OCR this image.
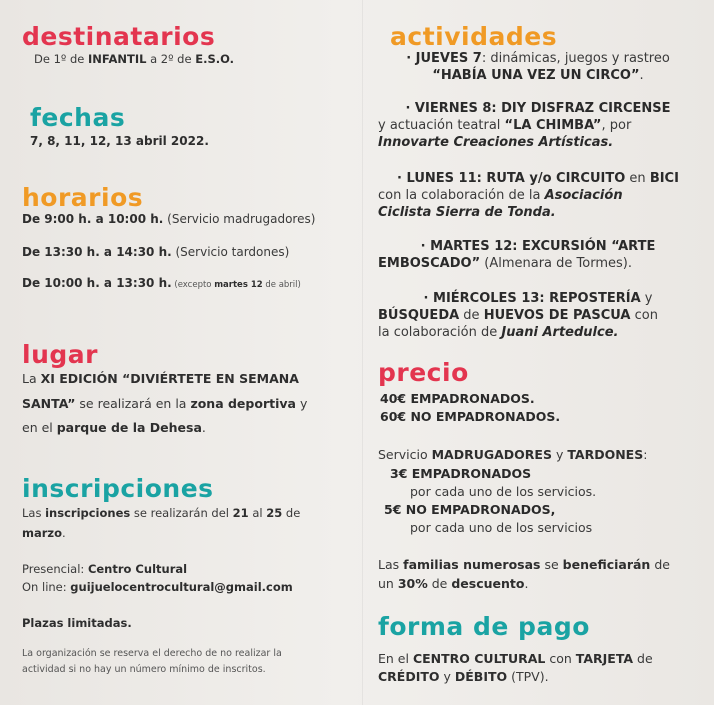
destinatarios
De 1º de INFANTIL a 2º de E.S.O.
fechas
7, 8, 11, 12, 13 abril 2022.
horarios
De 9:00 h. a 10:00 h. (Servicio madrugadores)
De 13:30 h. a 14:30 h. (Servicio tardones)
De 10:00 h. a 13:30 h. (excepto martes 12 de abril)
lugar
La XI EDICIÓN “DIVIÉRTETE EN SEMANA
SANTA” se realizará en la zona deportiva y
en el parque de la Dehesa.
inscripciones
Las inscripciones se realizarán del 21 al 25 de
marzo.
Presencial: Centro Cultural
On line: guijuelocentrocultural@gmail.com
Plazas limitadas.
La organización se reserva el derecho de no realizar la
actividad si no hay un número mínimo de inscritos.
actividades
· JUEVES 7: dinámicas, juegos y rastreo
“HABÍA UNA VEZ UN CIRCO”.
· VIERNES 8: DIY DISFRAZ CIRCENSE
y actuación teatral “LA CHIMBA”, por
Innovarte Creaciones Artísticas.
· LUNES 11: RUTA y/o CIRCUITO en BICI
con la colaboración de la Asociación
Ciclista Sierra de Tonda.
· MARTES 12: EXCURSIÓN “ARTE
EMBOSCADO” (Almenara de Tormes).
· MIÉRCOLES 13: REPOSTERÍA y
BÚSQUEDA de HUEVOS DE PASCUA con
la colaboración de Juani Artedulce.
precio
40€ EMPADRONADOS.
60€ NO EMPADRONADOS.
Servicio MADRUGADORES y TARDONES:
3€ EMPADRONADOS
por cada uno de los servicios.
5€ NO EMPADRONADOS,
por cada uno de los servicios
Las familias numerosas se beneficiarán de
un 30% de descuento.
forma de pago
En el CENTRO CULTURAL con TARJETA de
CRÉDITO y DÉBITO (TPV).
